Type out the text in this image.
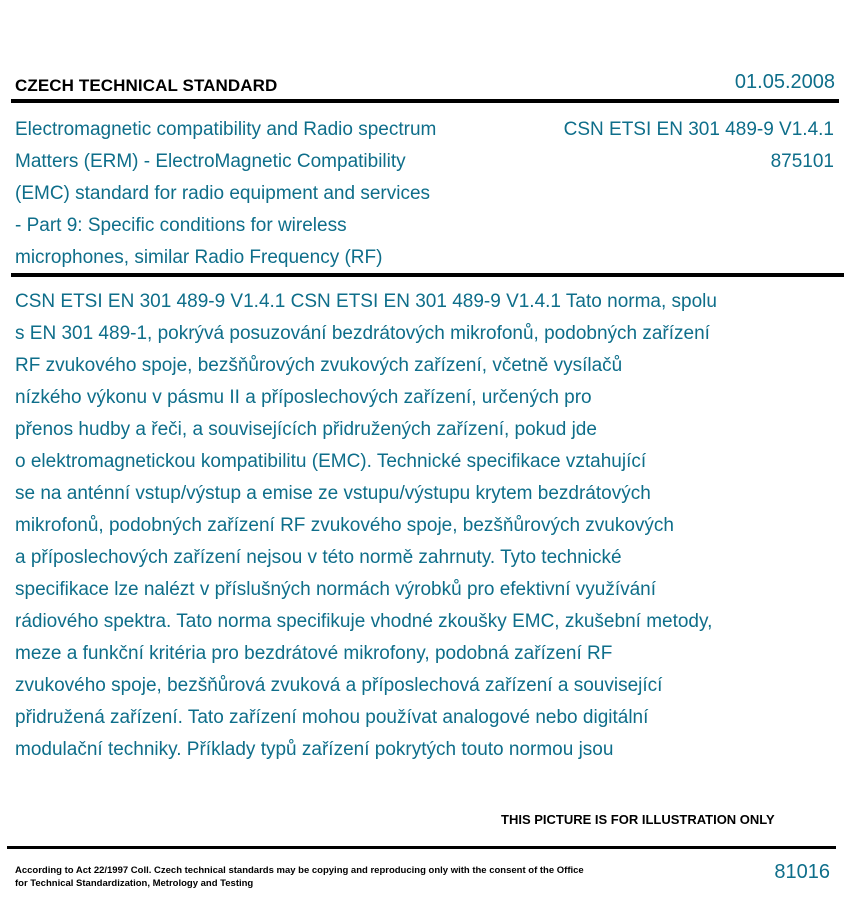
CZECH TECHNICAL STANDARD	01.05.2008
Electromagnetic compatibility and Radio spectrum
Matters (ERM) - ElectroMagnetic Compatibility
(EMC) standard for radio equipment and services
- Part 9: Specific conditions for wireless
microphones, similar Radio Frequency (RF)
CSN ETSI EN 301 489-9 V1.4.1
875101
CSN ETSI EN 301 489-9 V1.4.1 CSN ETSI EN 301 489-9 V1.4.1 Tato norma, spolu
s EN 301 489-1, pokrývá posuzování bezdrátových mikrofonů, podobných zařízení
RF zvukového spoje, bezšňůrových zvukových zařízení, včetně vysílačů
nízkého výkonu v pásmu II a příposlechových zařízení, určených pro
přenos hudby a řeči, a souvisejících přidružených zařízení, pokud jde
o elektromagnetickou kompatibilitu (EMC). Technické specifikace vztahující
se na anténní vstup/výstup a emise ze vstupu/výstupu krytem bezdrátových
mikrofonů, podobných zařízení RF zvukového spoje, bezšňůrových zvukových
a příposlechových zařízení nejsou v této normě zahrnuty. Tyto technické
specifikace lze nalézt v příslušných normách výrobků pro efektivní využívání
rádiového spektra. Tato norma specifikuje vhodné zkoušky EMC, zkušební metody,
meze a funkční kritéria pro bezdrátové mikrofony, podobná zařízení RF
zvukového spoje, bezšňůrová zvuková a příposlechová zařízení a související
přidružená zařízení. Tato zařízení mohou používat analogové nebo digitální
modulační techniky. Příklady typů zařízení pokrytých touto normou jsou
THIS PICTURE IS FOR ILLUSTRATION ONLY
According to Act 22/1997 Coll. Czech technical standards may be copying and reproducing only with the consent of the Office
for Technical Standardization, Metrology and Testing
81016
